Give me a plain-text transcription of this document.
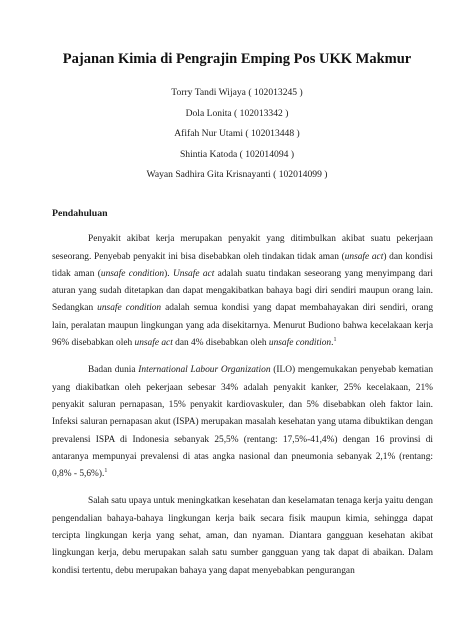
Pajanan Kimia di Pengrajin Emping Pos UKK Makmur
Torry Tandi Wijaya ( 102013245 )
Dola Lonita ( 102013342 )
Afifah Nur Utami ( 102013448 )
Shintia Katoda ( 102014094 )
Wayan Sadhira Gita Krisnayanti ( 102014099 )
Pendahuluan

Penyakit akibat kerja merupakan penyakit yang ditimbulkan akibat suatu pekerjaan seseorang. Penyebab penyakit ini bisa disebabkan oleh tindakan tidak aman (unsafe act) dan kondisi tidak aman (unsafe condition). Unsafe act adalah suatu tindakan seseorang yang menyimpang dari aturan yang sudah ditetapkan dan dapat mengakibatkan bahaya bagi diri sendiri maupun orang lain. Sedangkan unsafe condition adalah semua kondisi yang dapat membahayakan diri sendiri, orang lain, peralatan maupun lingkungan yang ada disekitarnya. Menurut Budiono bahwa kecelakaan kerja 96% disebabkan oleh unsafe act dan 4% disebabkan oleh unsafe condition.$^1$

Badan dunia International Labour Organization (ILO) mengemukakan penyebab kematian yang diakibatkan oleh pekerjaan sebesar 34% adalah penyakit kanker, 25% kecelakaan, 21% penyakit saluran pernapasan, 15% penyakit kardiovaskuler, dan 5% disebabkan oleh faktor lain. Infeksi saluran pernapasan akut (ISPA) merupakan masalah kesehatan yang utama dibuktikan dengan prevalensi ISPA di Indonesia sebanyak 25,5% (rentang: 17,5%-41,4%) dengan 16 provinsi di antaranya mempunyai prevalensi di atas angka nasional dan pneumonia sebanyak 2,1% (rentang: 0,8% - 5,6%).$^1$

Salah satu upaya untuk meningkatkan kesehatan dan keselamatan tenaga kerja yaitu dengan pengendalian bahaya-bahaya lingkungan kerja baik secara fisik maupun kimia, sehingga dapat tercipta lingkungan kerja yang sehat, aman, dan nyaman. Diantara gangguan kesehatan akibat lingkungan kerja, debu merupakan salah satu sumber gangguan yang tak dapat di abaikan. Dalam kondisi tertentu, debu merupakan bahaya yang dapat menyebabkan pengurangan
